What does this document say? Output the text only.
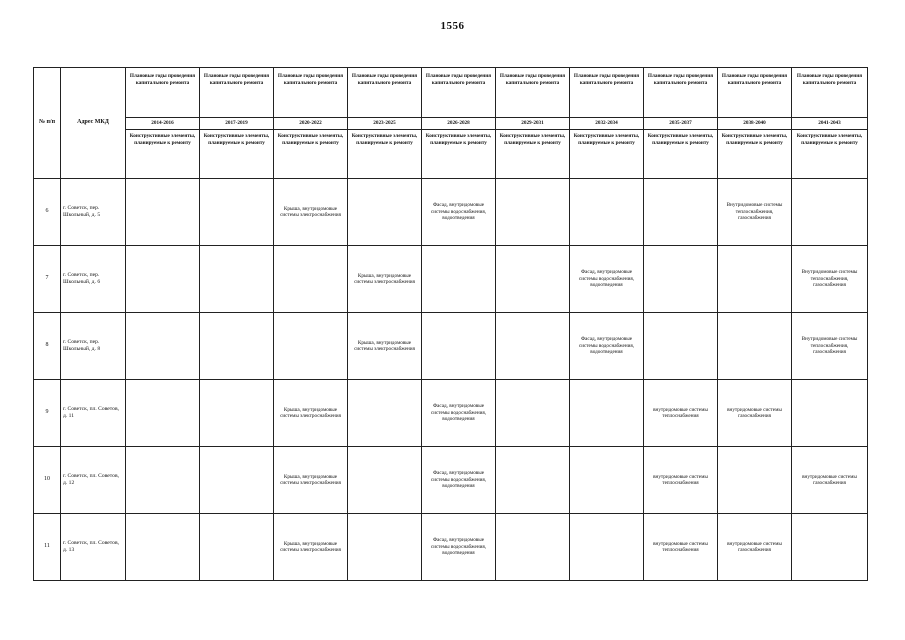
1556
№ п/п	Адрес МКД	Плановые годы проведения капитального ремонта	Плановые годы проведения капитального ремонта	Плановые годы проведения капитального ремонта	Плановые годы проведения капитального ремонта	Плановые годы проведения капитального ремонта	Плановые годы проведения капитального ремонта	Плановые годы проведения капитального ремонта	Плановые годы проведения капитального ремонта	Плановые годы проведения капитального ремонта	Плановые годы проведения капитального ремонта
		2014-2016	2017-2019	2020-2022	2023-2025	2026-2028	2029-2031	2032-2034	2035-2037	2038-2040	2041-2043
		Конструктивные элементы, планируемые к ремонту	Конструктивные элементы, планируемые к ремонту	Конструктивные элементы, планируемые к ремонту	Конструктивные элементы, планируемые к ремонту	Конструктивные элементы, планируемые к ремонту	Конструктивные элементы, планируемые к ремонту	Конструктивные элементы, планируемые к ремонту	Конструктивные элементы, планируемые к ремонту	Конструктивные элементы, планируемые к ремонту	Конструктивные элементы, планируемые к ремонту
6	г. Советск, пер. Школьный, д. 5			Крыша, внутридомовые системы электроснабжения		Фасад, внутридомовые системы водоснабжения, водоотведения				Внутридомовые системы теплоснабжения, газоснабжения	
7	г. Советск, пер. Школьный, д. 6				Крыша, внутридомовые системы электроснабжения			Фасад, внутридомовые системы водоснабжения, водоотведения			Внутридомовые системы теплоснабжения, газоснабжения
8	г. Советск, пер. Школьный, д. 8				Крыша, внутридомовые системы электроснабжения			Фасад, внутридомовые системы водоснабжения, водоотведения			Внутридомовые системы теплоснабжения, газоснабжения
9	г. Советск, пл. Советов, д. 11			Крыша, внутридомовые системы электроснабжения		Фасад, внутридомовые системы водоснабжения, водоотведения			внутридомовые системы теплоснабжения	внутридомовые системы газоснабжения	
10	г. Советск, пл. Советов, д. 12			Крыша, внутридомовые системы электроснабжения		Фасад, внутридомовые системы водоснабжения, водоотведения			внутридомовые системы теплоснабжения		внутридомовые системы газоснабжения
11	г. Советск, пл. Советов, д. 13			Крыша, внутридомовые системы электроснабжения		Фасад, внутридомовые системы водоснабжения, водоотведения			внутридомовые системы теплоснабжения	внутридомовые системы газоснабжения	
